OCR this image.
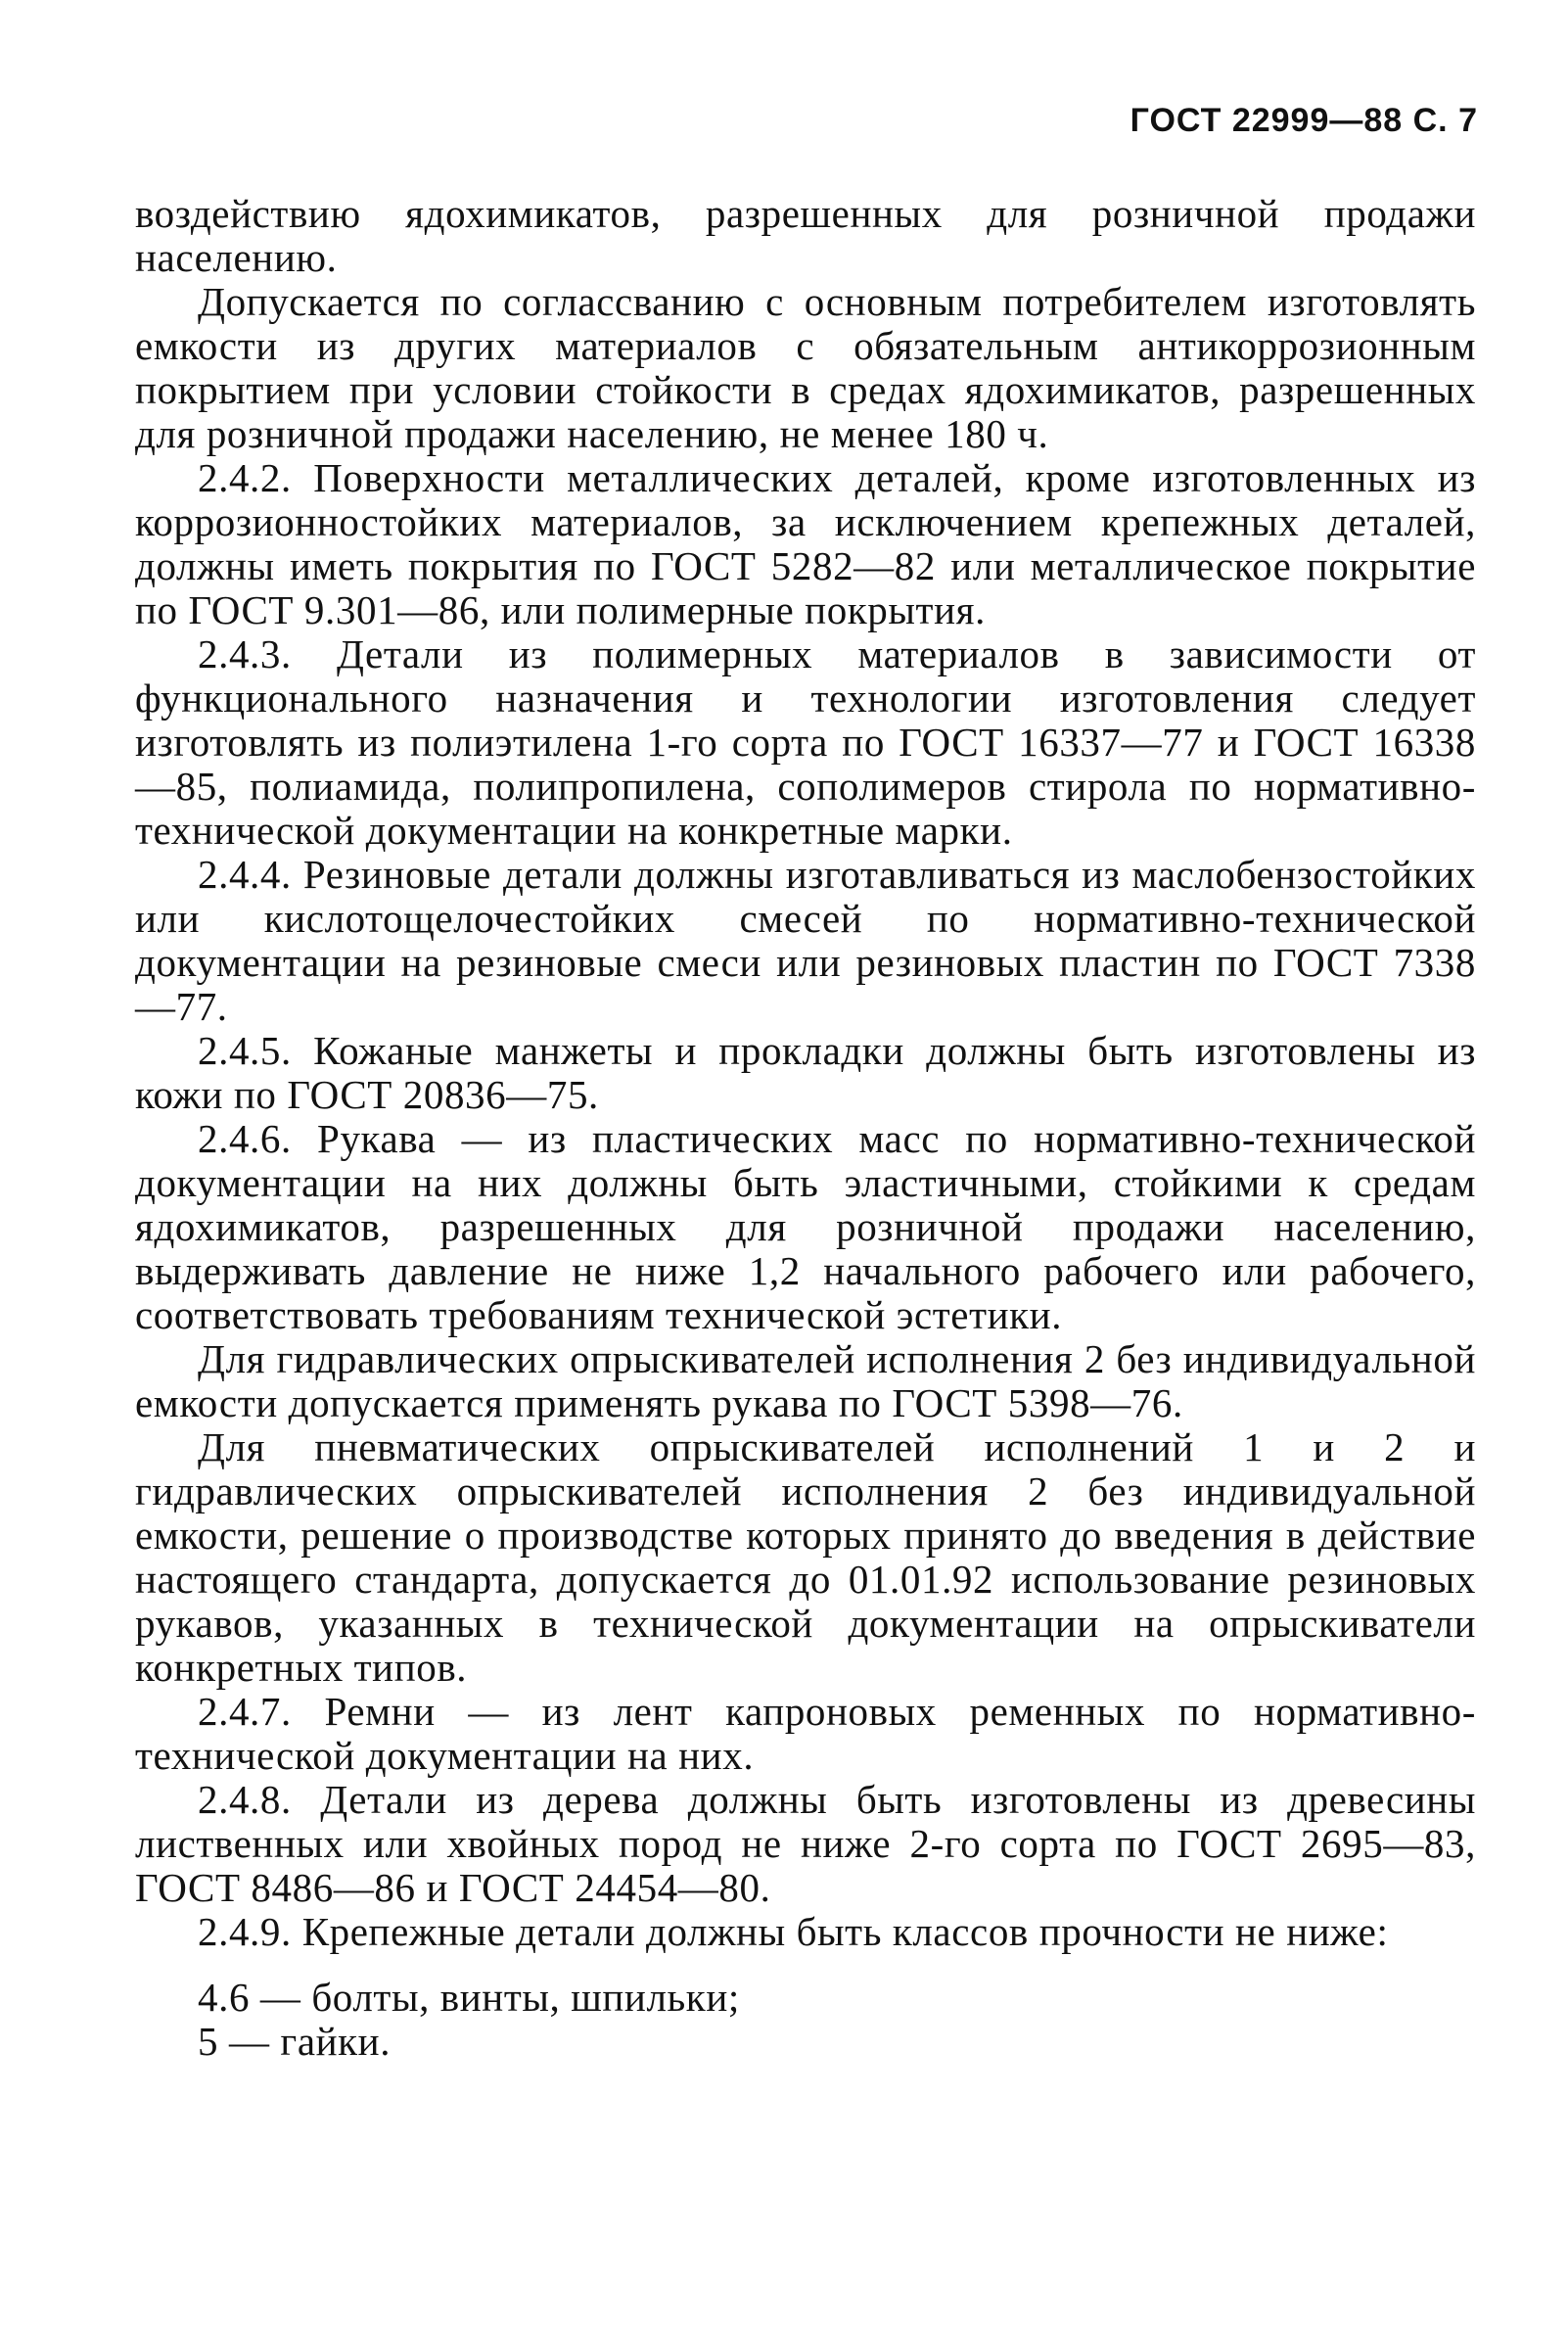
ГОСТ 22999—88 С. 7

воздействию ядохимикатов, разрешенных для розничной продажи населению.

Допускается по соглассванию с основным потребителем изготовлять емкости из других материалов с обязательным антикоррозионным покрытием при условии стойкости в средах ядохимикатов, разрешенных для розничной продажи населению, не менее 180 ч.

2.4.2. Поверхности металлических деталей, кроме изготовленных из коррозионностойких материалов, за исключением крепежных деталей, должны иметь покрытия по ГОСТ 5282—82 или металлическое покрытие по ГОСТ 9.301—86, или полимерные покрытия.

2.4.3. Детали из полимерных материалов в зависимости от функционального назначения и технологии изготовления следует изготовлять из полиэтилена 1-го сорта по ГОСТ 16337—77 и ГОСТ 16338—85, полиамида, полипропилена, сополимеров стирола по нормативно-технической документации на конкретные марки.

2.4.4. Резиновые детали должны изготавливаться из маслобензостойких или кислотощелочестойких смесей по нормативно-технической документации на резиновые смеси или резиновых пластин по ГОСТ 7338—77.

2.4.5. Кожаные манжеты и прокладки должны быть изготовлены из кожи по ГОСТ 20836—75.

2.4.6. Рукава — из пластических масс по нормативно-технической документации на них должны быть эластичными, стойкими к средам ядохимикатов, разрешенных для розничной продажи населению, выдерживать давление не ниже 1,2 начального рабочего или рабочего, соответствовать требованиям технической эстетики.

Для гидравлических опрыскивателей исполнения 2 без индивидуальной емкости допускается применять рукава по ГОСТ 5398—76.

Для пневматических опрыскивателей исполнений 1 и 2 и гидравлических опрыскивателей исполнения 2 без индивидуальной емкости, решение о производстве которых принято до введения в действие настоящего стандарта, допускается до 01.01.92 использование резиновых рукавов, указанных в технической документации на опрыскиватели конкретных типов.

2.4.7. Ремни — из лент капроновых ременных по нормативно-технической документации на них.

2.4.8. Детали из дерева должны быть изготовлены из древесины лиственных или хвойных пород не ниже 2-го сорта по ГОСТ 2695—83, ГОСТ 8486—86 и ГОСТ 24454—80.

2.4.9. Крепежные детали должны быть классов прочности не ниже:

4.6 — болты, винты, шпильки;

5 — гайки.
